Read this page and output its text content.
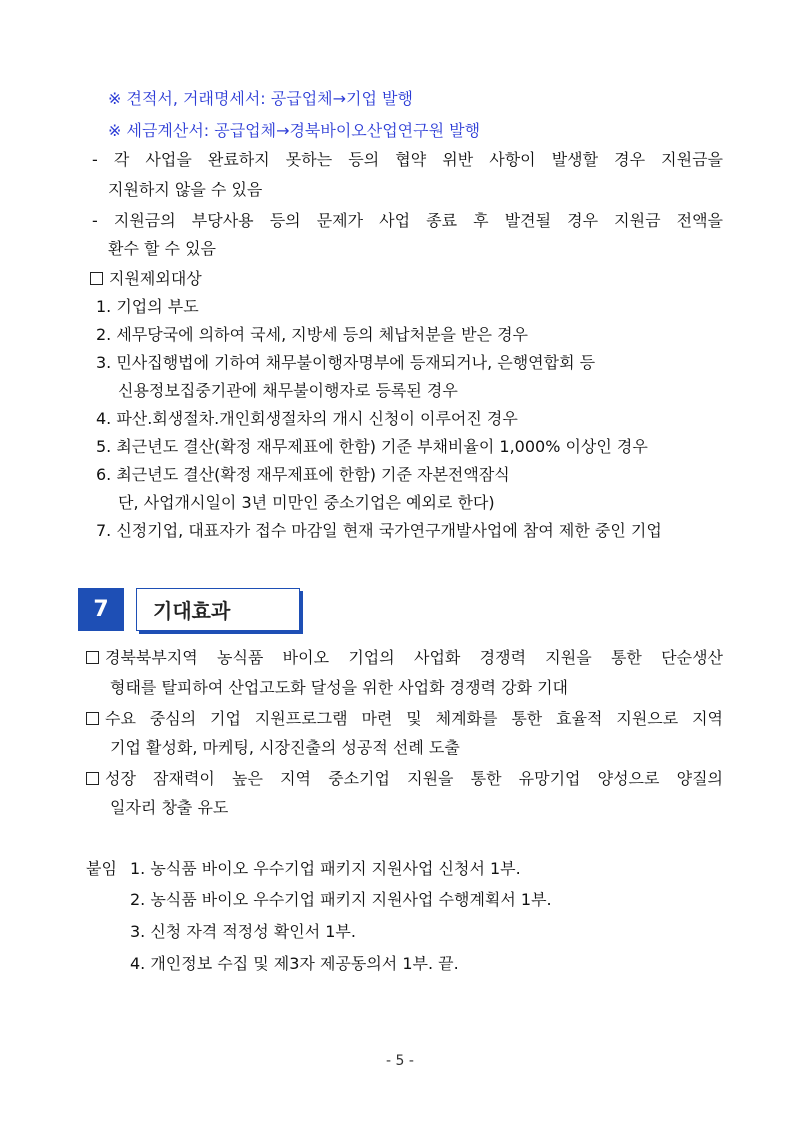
※ 견적서, 거래명세서: 공급업체→기업 발행
※ 세금계산서: 공급업체→경북바이오산업연구원 발행
- 각 사업을 완료하지 못하는 등의 협약 위반 사항이 발생할 경우 지원금을
지원하지 않을 수 있음
- 지원금의 부당사용 등의 문제가 사업 종료 후 발견될 경우 지원금 전액을
환수 할 수 있음
지원제외대상
1. 기업의 부도
2. 세무당국에 의하여 국세, 지방세 등의 체납처분을 받은 경우
3. 민사집행법에 기하여 채무불이행자명부에 등재되거나, 은행연합회 등
신용정보집중기관에 채무불이행자로 등록된 경우
4. 파산.회생절차.개인회생절차의 개시 신청이 이루어진 경우
5. 최근년도 결산(확정 재무제표에 한함) 기준 부채비율이 1,000% 이상인 경우
6. 최근년도 결산(확정 재무제표에 한함) 기준 자본전액잠식
단, 사업개시일이 3년 미만인 중소기업은 예외로 한다)
7. 신정기업, 대표자가 접수 마감일 현재 국가연구개발사업에 참여 제한 중인 기업
7	기대효과
경북북부지역 농식품 바이오 기업의 사업화 경쟁력 지원을 통한 단순생산
형태를 탈피하여 산업고도화 달성을 위한 사업화 경쟁력 강화 기대
수요 중심의 기업 지원프로그램 마련 및 체계화를 통한 효율적 지원으로 지역
기업 활성화, 마케팅, 시장진출의 성공적 선례 도출
성장 잠재력이 높은 지역 중소기업 지원을 통한 유망기업 양성으로 양질의
일자리 창출 유도
붙임 1. 농식품 바이오 우수기업 패키지 지원사업 신청서 1부.
2. 농식품 바이오 우수기업 패키지 지원사업 수행계획서 1부.
3. 신청 자격 적정성 확인서 1부.
4. 개인정보 수집 및 제3자 제공동의서 1부. 끝.
- 5 -
